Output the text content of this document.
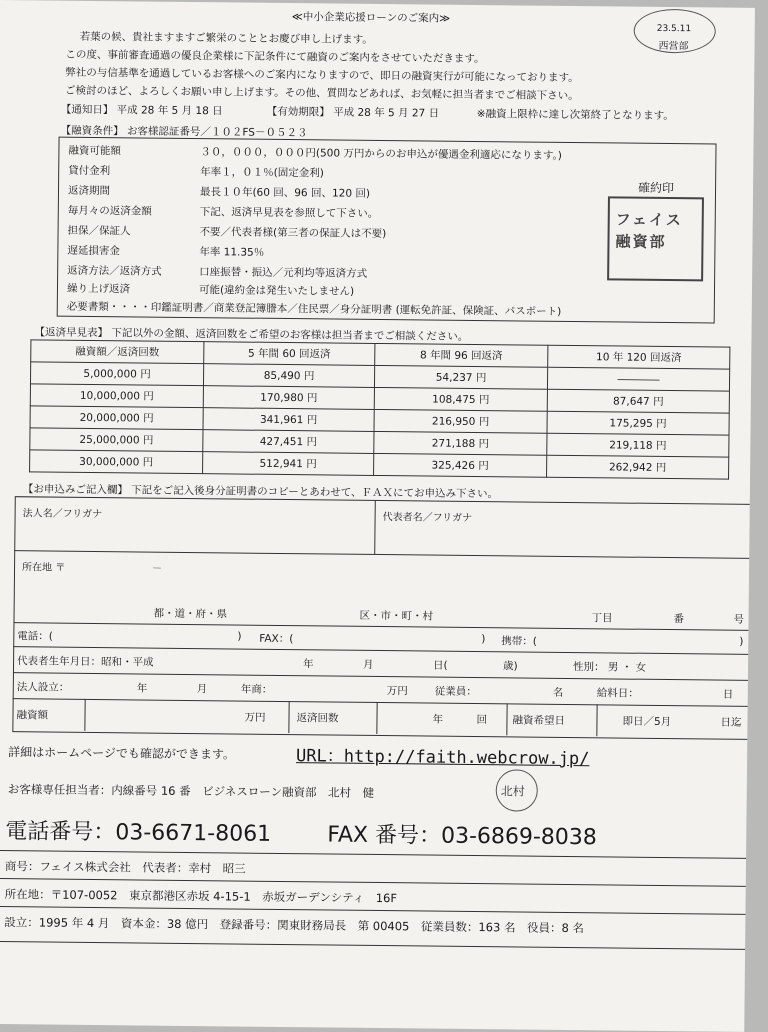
≪中小企業応援ローンのご案内≫
23.5.11
西営部
若葉の候、貴社ますますご繁栄のこととお慶び申し上げます。
この度、事前審査通過の優良企業様に下記条件にて融資のご案内をさせていただきます。
弊社の与信基準を通過しているお客様へのご案内になりますので、即日の融資実行が可能になっております。
ご検討のほど、よろしくお願い申し上げます。その他、質問などあれば、お気軽に担当者までご相談下さい。
【通知日】 平成 28 年 5 月 18 日	【有効期限】 平成 28 年 5 月 27 日	※融資上限枠に達し次第終了となります。
【融資条件】 お客様認証番号／１０２FS－０５２３
融資可能額	３０，０００，０００円(500 万円からのお申込が優遇金利適応になります。)
貸付金利	年率１，０１％(固定金利)
返済期間	最長１０年(60 回、96 回、120 回)
毎月々の返済金額	下記、返済早見表を参照して下さい。
担保／保証人	不要／代表者様(第三者の保証人は不要)
遅延損害金	年率 11.35％
返済方法／返済方式	口座振替・振込／元利均等返済方式
繰り上げ返済	可能(違約金は発生いたしません)
必要書類・・・・印鑑証明書／商業登記簿謄本／住民票／身分証明書 (運転免許証、保険証、パスポート)
確約印
フェイス融資部
【返済早見表】 下記以外の金額、返済回数をご希望のお客様は担当者までご相談ください。
融資額／返済回数	5 年間 60 回返済	8 年間 96 回返済	10 年 120 回返済
5,000,000 円	85,490 円	54,237 円	――――
10,000,000 円	170,980 円	108,475 円	87,647 円
20,000,000 円	341,961 円	216,950 円	175,295 円
25,000,000 円	427,451 円	271,188 円	219,118 円
30,000,000 円	512,941 円	325,426 円	262,942 円
【お申込みご記入欄】 下記をご記入後身分証明書のコピーとあわせて、ＦＡＸにてお申込み下さい。
法人名／フリガナ	代表者名／フリガナ
所在地 〒	－
都・道・府・県	区・市・町・村	丁目	番	号
電話：(	) FAX：(	) 携帯：(	)
代表者生年月日：昭和・平成	年	月	日(	歳)	性別： 男 ・ 女
法人設立：	年	月	年商：	万円	従業員：	名	給料日：	日
融資額	万円	返済回数	年	回 融資希望日	即日／5月	日迄
詳細はホームページでも確認ができます。	URL：http://faith.webcrow.jp/
お客様専任担当者：内線番号 16 番　ビジネスローン融資部　北村　健	北村
電話番号：03-6671-8061	FAX 番号：03-6869-8038
商号：フェイス株式会社　代表者：幸村　昭三
所在地：〒107-0052　東京都港区赤坂 4-15-1　赤坂ガーデンシティ　16F
設立：1995 年 4 月　資本金：38 億円　登録番号：関東財務局長　第 00405　従業員数：163 名　役員：8 名
